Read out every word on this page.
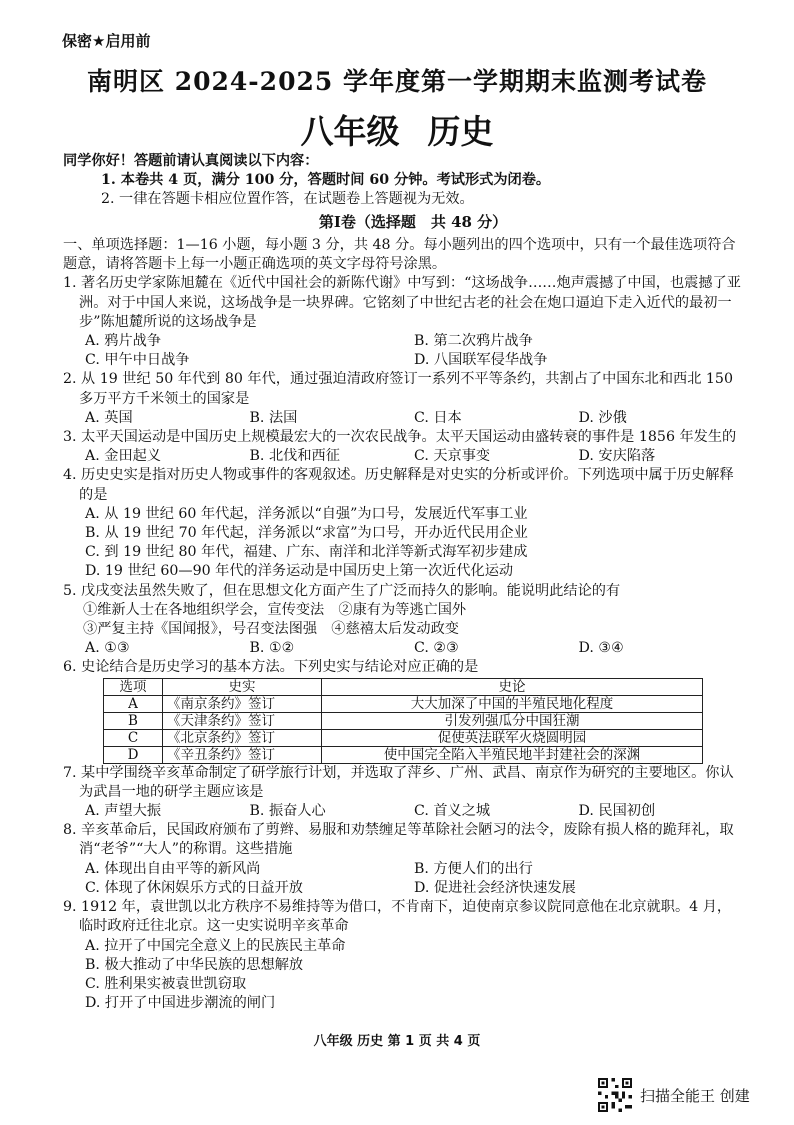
保密★启用前
南明区 2024-2025 学年度第一学期期末监测考试卷
八年级 历史
同学你好！答题前请认真阅读以下内容：
1. 本卷共 4 页，满分 100 分，答题时间 60 分钟。考试形式为闭卷。
2. 一律在答题卡相应位置作答，在试题卷上答题视为无效。
第Ⅰ卷（选择题　共 48 分）
一、单项选择题：1—16 小题，每小题 3 分，共 48 分。每小题列出的四个选项中，只有一个最佳选项符合题意，请将答题卡上每一小题正确选项的英文字母符号涂黑。
1. 著名历史学家陈旭麓在《近代中国社会的新陈代谢》中写到：“这场战争……炮声震撼了中国，也震撼了亚洲。对于中国人来说，这场战争是一块界碑。它铭刻了中世纪古老的社会在炮口逼迫下走入近代的最初一步”陈旭麓所说的这场战争是
A. 鸦片战争	B. 第二次鸦片战争
C. 甲午中日战争	D. 八国联军侵华战争
2. 从 19 世纪 50 年代到 80 年代，通过强迫清政府签订一系列不平等条约，共割占了中国东北和西北 150 多万平方千米领土的国家是
A. 英国	B. 法国	C. 日本	D. 沙俄
3. 太平天国运动是中国历史上规模最宏大的一次农民战争。太平天国运动由盛转衰的事件是 1856 年发生的
A. 金田起义	B. 北伐和西征	C. 天京事变	D. 安庆陷落
4. 历史史实是指对历史人物或事件的客观叙述。历史解释是对史实的分析或评价。下列选项中属于历史解释的是
A. 从 19 世纪 60 年代起，洋务派以“自强”为口号，发展近代军事工业
B. 从 19 世纪 70 年代起，洋务派以“求富”为口号，开办近代民用企业
C. 到 19 世纪 80 年代，福建、广东、南洋和北洋等新式海军初步建成
D. 19 世纪 60—90 年代的洋务运动是中国历史上第一次近代化运动
5. 戊戌变法虽然失败了，但在思想文化方面产生了广泛而持久的影响。能说明此结论的有
①维新人士在各地组织学会，宣传变法　②康有为等逃亡国外
③严复主持《国闻报》，号召变法图强　④慈禧太后发动政变
A. ①③	B. ①②	C. ②③	D. ③④
6. 史论结合是历史学习的基本方法。下列史实与结论对应正确的是
选项	史实	史论
A	《南京条约》签订	大大加深了中国的半殖民地化程度
B	《天津条约》签订	引发列强瓜分中国狂潮
C	《北京条约》签订	促使英法联军火烧圆明园
D	《辛丑条约》签订	使中国完全陷入半殖民地半封建社会的深渊
7. 某中学围绕辛亥革命制定了研学旅行计划，并选取了萍乡、广州、武昌、南京作为研究的主要地区。你认为武昌一地的研学主题应该是
A. 声望大振	B. 振奋人心	C. 首义之城	D. 民国初创
8. 辛亥革命后，民国政府颁布了剪辫、易服和劝禁缠足等革除社会陋习的法令，废除有损人格的跪拜礼，取消“老爷”“大人”的称谓。这些措施
A. 体现出自由平等的新风尚	B. 方便人们的出行
C. 体现了休闲娱乐方式的日益开放	D. 促进社会经济快速发展
9. 1912 年，袁世凯以北方秩序不易维持等为借口，不肯南下，迫使南京参议院同意他在北京就职。4 月，临时政府迁往北京。这一史实说明辛亥革命
A. 拉开了中国完全意义上的民族民主革命
B. 极大推动了中华民族的思想解放
C. 胜利果实被袁世凯窃取
D. 打开了中国进步潮流的闸门
八年级 历史 第 1 页 共 4 页
扫描全能王 创建
